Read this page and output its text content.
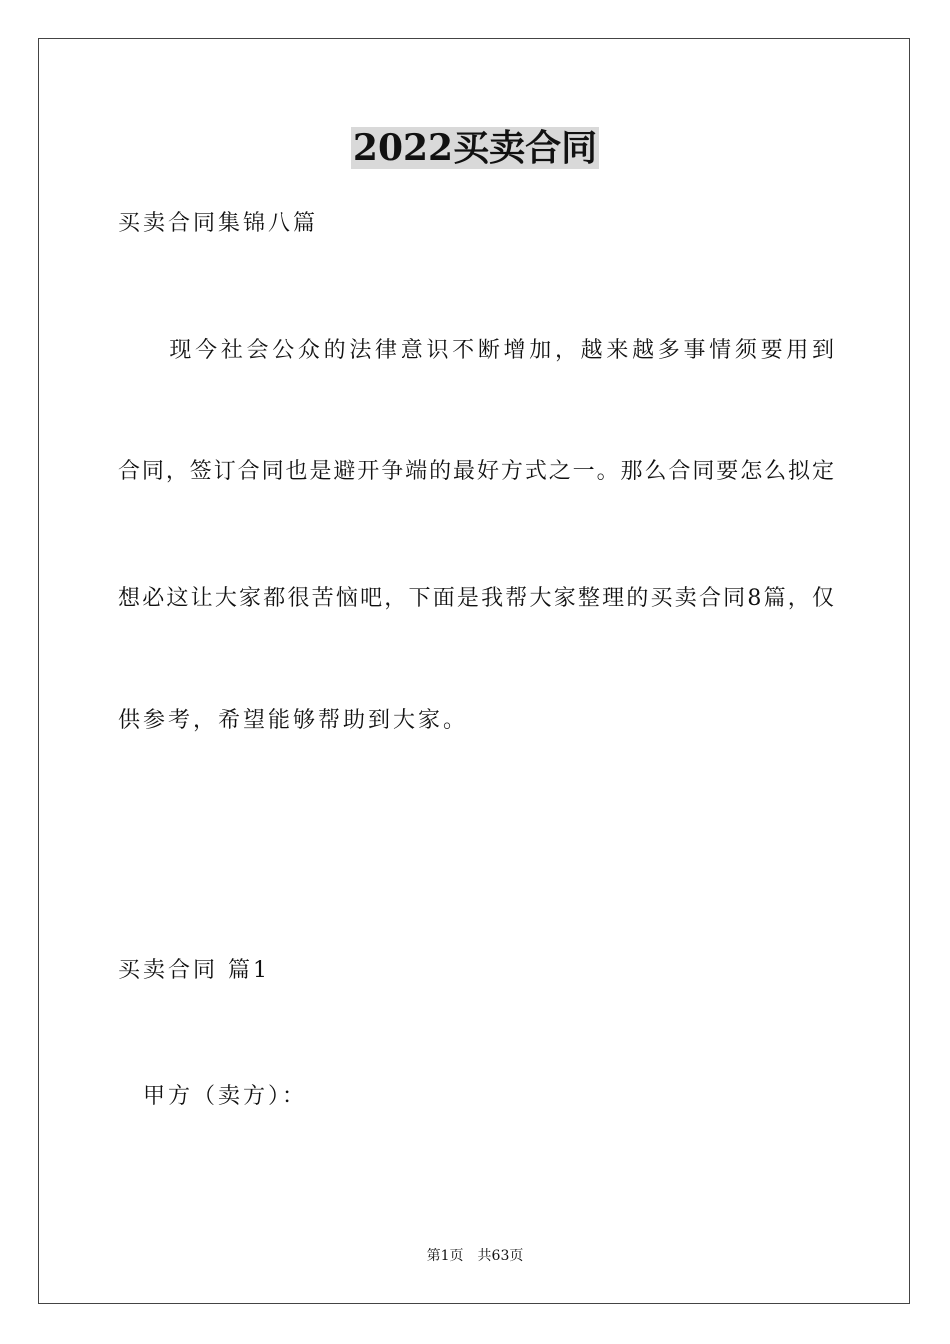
2022买卖合同

买卖合同集锦八篇

　　现今社会公众的法律意识不断增加，越来越多事情须要用到

合同，签订合同也是避开争端的最好方式之一。那么合同要怎么拟定

想必这让大家都很苦恼吧，下面是我帮大家整理的买卖合同8篇，仅

供参考，希望能够帮助到大家。

买卖合同 篇1

　甲方（卖方）：

第1页　共63页
